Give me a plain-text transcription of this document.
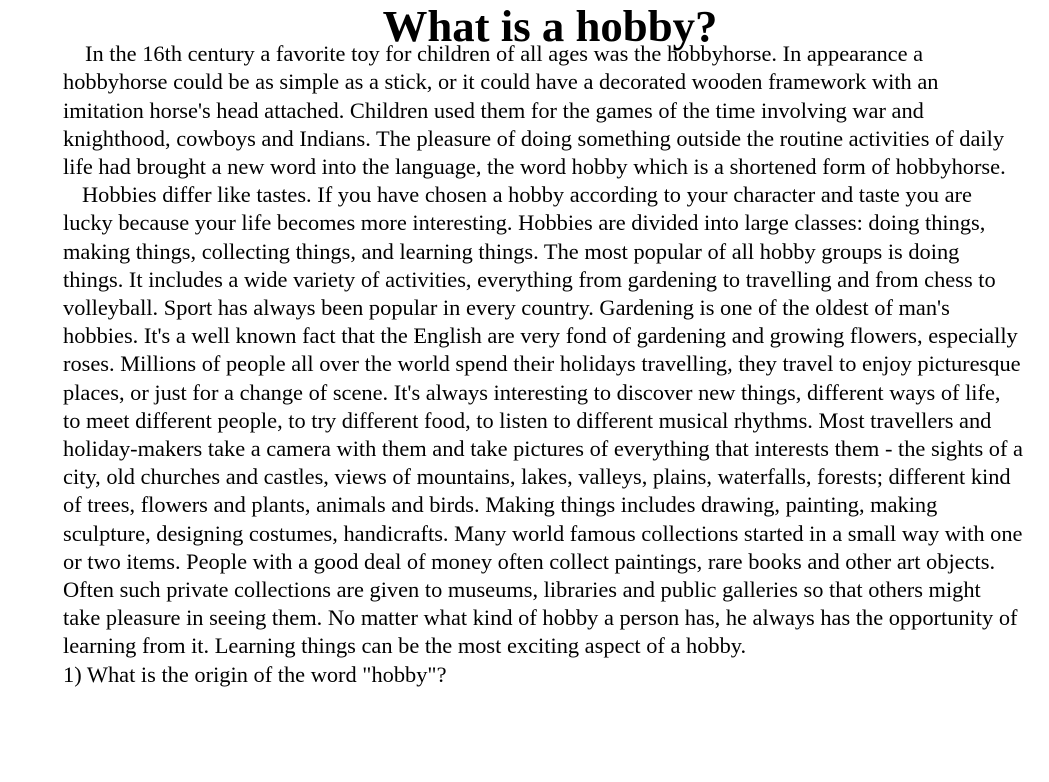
What is a hobby?

In the 16th century a favorite toy for children of all ages was the hobbyhorse. In appearance a hobbyhorse could be as simple as a stick, or it could have a decorated wooden framework with an imitation horse's head attached. Children used them for the games of the time involving war and knighthood, cowboys and Indians. The pleasure of doing something outside the routine activities of daily life had brought a new word into the language, the word hobby which is a shortened form of hobbyhorse.

Hobbies differ like tastes. If you have chosen a hobby according to your character and taste you are lucky because your life becomes more interesting. Hobbies are divided into large classes: doing things, making things, collecting things, and learning things. The most popular of all hobby groups is doing things. It includes a wide variety of activities, everything from gardening to travelling and from chess to volleyball. Sport has always been popular in every country. Gardening is one of the oldest of man's hobbies. It's a well known fact that the English are very fond of gardening and growing flowers, especially roses. Millions of people all over the world spend their holidays travelling, they travel to enjoy picturesque places, or just for a change of scene. It's always interesting to discover new things, different ways of life, to meet different people, to try different food, to listen to different musical rhythms. Most travellers and holiday-makers take a camera with them and take pictures of everything that interests them - the sights of a city, old churches and castles, views of mountains, lakes, valleys, plains, waterfalls, forests; different kind of trees, flowers and plants, animals and birds. Making things includes drawing, painting, making sculpture, designing costumes, handicrafts. Many world famous collections started in a small way with one or two items. People with a good deal of money often collect paintings, rare books and other art objects. Often such private collections are given to museums, libraries and public galleries so that others might take pleasure in seeing them. No matter what kind of hobby a person has, he always has the opportunity of learning from it. Learning things can be the most exciting aspect of a hobby.

1) What is the origin of the word "hobby"?
